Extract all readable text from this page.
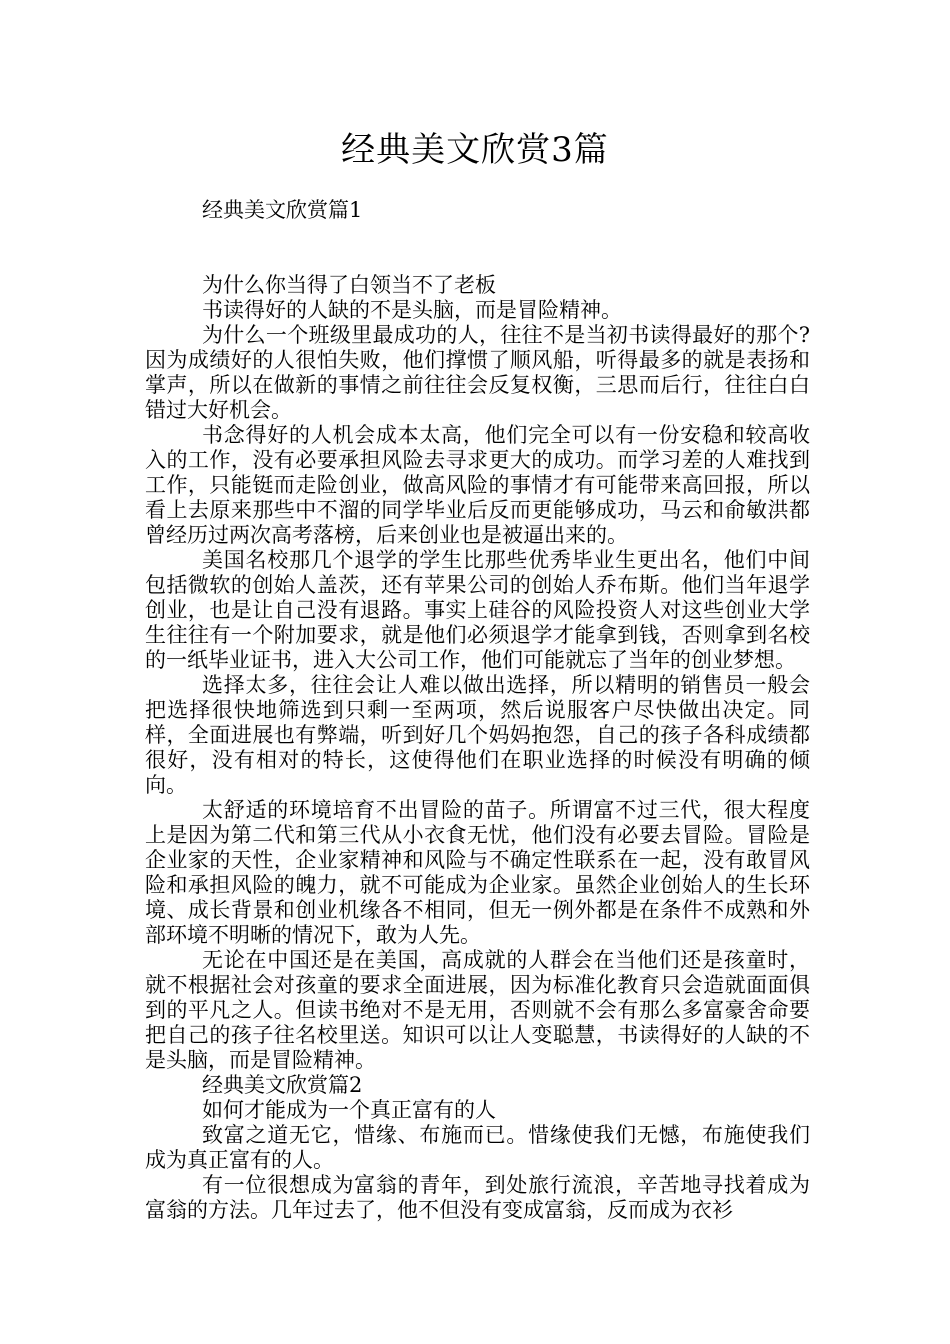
经典美文欣赏3篇

经典美文欣赏篇1

为什么你当得了白领当不了老板

书读得好的人缺的不是头脑，而是冒险精神。

为什么一个班级里最成功的人，往往不是当初书读得最好的那个?因为成绩好的人很怕失败，他们撑惯了顺风船，听得最多的就是表扬和掌声，所以在做新的事情之前往往会反复权衡，三思而后行，往往白白错过大好机会。

书念得好的人机会成本太高，他们完全可以有一份安稳和较高收入的工作，没有必要承担风险去寻求更大的成功。而学习差的人难找到工作，只能铤而走险创业，做高风险的事情才有可能带来高回报，所以看上去原来那些中不溜的同学毕业后反而更能够成功，马云和俞敏洪都曾经历过两次高考落榜，后来创业也是被逼出来的。

美国名校那几个退学的学生比那些优秀毕业生更出名，他们中间包括微软的创始人盖茨，还有苹果公司的创始人乔布斯。他们当年退学创业，也是让自己没有退路。事实上硅谷的风险投资人对这些创业大学生往往有一个附加要求，就是他们必须退学才能拿到钱，否则拿到名校的一纸毕业证书，进入大公司工作，他们可能就忘了当年的创业梦想。

选择太多，往往会让人难以做出选择，所以精明的销售员一般会把选择很快地筛选到只剩一至两项，然后说服客户尽快做出决定。同样，全面进展也有弊端，听到好几个妈妈抱怨，自己的孩子各科成绩都很好，没有相对的特长，这使得他们在职业选择的时候没有明确的倾向。

太舒适的环境培育不出冒险的苗子。所谓富不过三代，很大程度上是因为第二代和第三代从小衣食无忧，他们没有必要去冒险。冒险是企业家的天性，企业家精神和风险与不确定性联系在一起，没有敢冒风险和承担风险的魄力，就不可能成为企业家。虽然企业创始人的生长环境、成长背景和创业机缘各不相同，但无一例外都是在条件不成熟和外部环境不明晰的情况下，敢为人先。

无论在中国还是在美国，高成就的人群会在当他们还是孩童时，就不根据社会对孩童的要求全面进展，因为标准化教育只会造就面面俱到的平凡之人。但读书绝对不是无用，否则就不会有那么多富豪舍命要把自己的孩子往名校里送。知识可以让人变聪慧，书读得好的人缺的不是头脑，而是冒险精神。

经典美文欣赏篇2

如何才能成为一个真正富有的人

致富之道无它，惜缘、布施而已。惜缘使我们无憾，布施使我们成为真正富有的人。

有一位很想成为富翁的青年，到处旅行流浪，辛苦地寻找着成为富翁的方法。几年过去了，他不但没有变成富翁，反而成为衣衫
